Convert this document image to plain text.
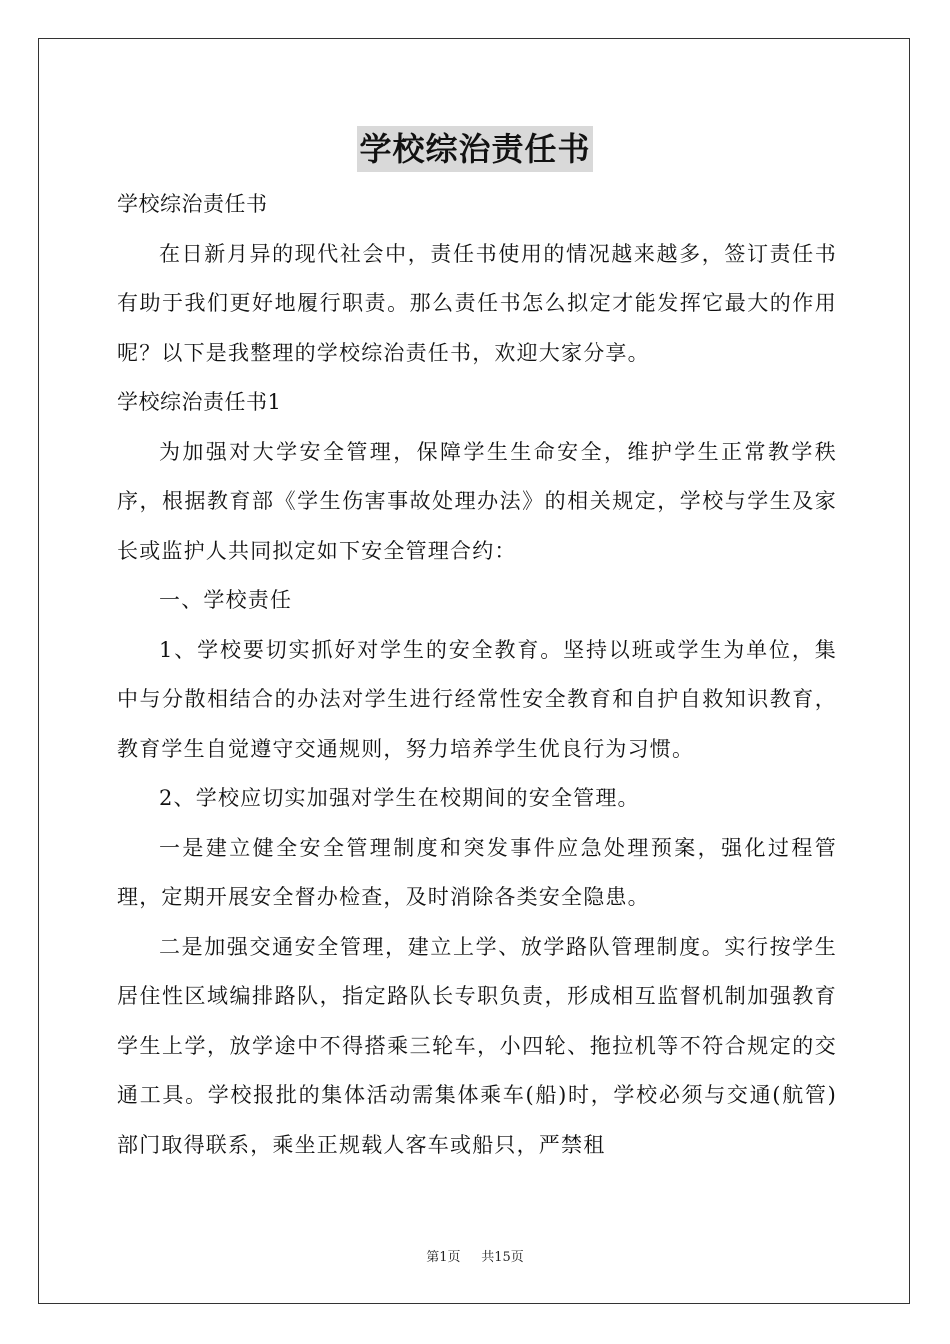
学校综治责任书

学校综治责任书

在日新月异的现代社会中，责任书使用的情况越来越多，签订责任书有助于我们更好地履行职责。那么责任书怎么拟定才能发挥它最大的作用呢？以下是我整理的学校综治责任书，欢迎大家分享。

学校综治责任书1

为加强对大学安全管理，保障学生生命安全，维护学生正常教学秩序，根据教育部《学生伤害事故处理办法》的相关规定，学校与学生及家长或监护人共同拟定如下安全管理合约：

一、学校责任

1、学校要切实抓好对学生的安全教育。坚持以班或学生为单位，集中与分散相结合的办法对学生进行经常性安全教育和自护自救知识教育，教育学生自觉遵守交通规则，努力培养学生优良行为习惯。

2、学校应切实加强对学生在校期间的安全管理。

一是建立健全安全管理制度和突发事件应急处理预案，强化过程管理，定期开展安全督办检查，及时消除各类安全隐患。

二是加强交通安全管理，建立上学、放学路队管理制度。实行按学生居住性区域编排路队，指定路队长专职负责，形成相互监督机制加强教育学生上学，放学途中不得搭乘三轮车，小四轮、拖拉机等不符合规定的交通工具。学校报批的集体活动需集体乘车(船)时，学校必须与交通(航管)部门取得联系，乘坐正规载人客车或船只，严禁租

第1页 共15页
